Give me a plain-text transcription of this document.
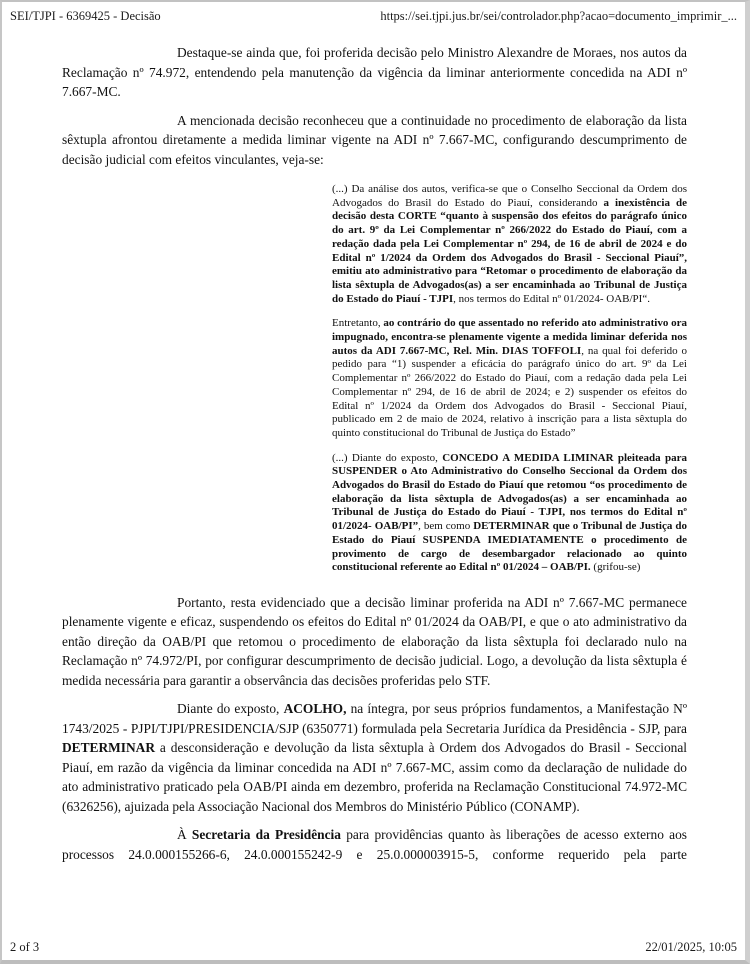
SEI/TJPI - 6369425 - Decisão	https://sei.tjpi.jus.br/sei/controlador.php?acao=documento_imprimir_...

Destaque-se ainda que, foi proferida decisão pelo Ministro Alexandre de Moraes, nos autos da Reclamação nº 74.972, entendendo pela manutenção da vigência da liminar anteriormente concedida na ADI nº 7.667-MC.

A mencionada decisão reconheceu que a continuidade no procedimento de elaboração da lista sêxtupla afrontou diretamente a medida liminar vigente na ADI nº 7.667-MC, configurando descumprimento de decisão judicial com efeitos vinculantes, veja-se:

(...) Da análise dos autos, verifica-se que o Conselho Seccional da Ordem dos Advogados do Brasil do Estado do Piauí, considerando a inexistência de decisão desta CORTE “quanto à suspensão dos efeitos do parágrafo único do art. 9º da Lei Complementar nº 266/2022 do Estado do Piauí, com a redação dada pela Lei Complementar nº 294, de 16 de abril de 2024 e do Edital nº 1/2024 da Ordem dos Advogados do Brasil - Seccional Piauí”, emitiu ato administrativo para “Retomar o procedimento de elaboração da lista sêxtupla de Advogados(as) a ser encaminhada ao Tribunal de Justiça do Estado do Piauí - TJPI, nos termos do Edital nº 01/2024- OAB/PI“.

Entretanto, ao contrário do que assentado no referido ato administrativo ora impugnado, encontra-se plenamente vigente a medida liminar deferida nos autos da ADI 7.667-MC, Rel. Min. DIAS TOFFOLI, na qual foi deferido o pedido para “1) suspender a eficácia do parágrafo único do art. 9º da Lei Complementar nº 266/2022 do Estado do Piauí, com a redação dada pela Lei Complementar nº 294, de 16 de abril de 2024; e 2) suspender os efeitos do Edital nº 1/2024 da Ordem dos Advogados do Brasil - Seccional Piauí, publicado em 2 de maio de 2024, relativo à inscrição para a lista sêxtupla do quinto constitucional do Tribunal de Justiça do Estado”

(...) Diante do exposto, CONCEDO A MEDIDA LIMINAR pleiteada para SUSPENDER o Ato Administrativo do Conselho Seccional da Ordem dos Advogados do Brasil do Estado do Piauí que retomou “os procedimento de elaboração da lista sêxtupla de Advogados(as) a ser encaminhada ao Tribunal de Justiça do Estado do Piauí - TJPI, nos termos do Edital nº 01/2024- OAB/PI”, bem como DETERMINAR que o Tribunal de Justiça do Estado do Piauí SUSPENDA IMEDIATAMENTE o procedimento de provimento de cargo de desembargador relacionado ao quinto constitucional referente ao Edital nº 01/2024 – OAB/PI. (grifou-se)

Portanto, resta evidenciado que a decisão liminar proferida na ADI nº 7.667-MC permanece plenamente vigente e eficaz, suspendendo os efeitos do Edital nº 01/2024 da OAB/PI, e que o ato administrativo da então direção da OAB/PI que retomou o procedimento de elaboração da lista sêxtupla foi declarado nulo na Reclamação nº 74.972/PI, por configurar descumprimento de decisão judicial. Logo, a devolução da lista sêxtupla é medida necessária para garantir a observância das decisões proferidas pelo STF.

Diante do exposto, ACOLHO, na íntegra, por seus próprios fundamentos, a Manifestação Nº 1743/2025 - PJPI/TJPI/PRESIDENCIA/SJP (6350771) formulada pela Secretaria Jurídica da Presidência - SJP, para DETERMINAR a desconsideração e devolução da lista sêxtupla à Ordem dos Advogados do Brasil - Seccional Piauí, em razão da vigência da liminar concedida na ADI nº 7.667-MC, assim como da declaração de nulidade do ato administrativo praticado pela OAB/PI ainda em dezembro, proferida na Reclamação Constitucional 74.972-MC (6326256), ajuizada pela Associação Nacional dos Membros do Ministério Público (CONAMP).

À Secretaria da Presidência para providências quanto às liberações de acesso externo aos processos 24.0.000155266-6, 24.0.000155242-9 e 25.0.000003915-5, conforme requerido pela parte

2 of 3	22/01/2025, 10:05
